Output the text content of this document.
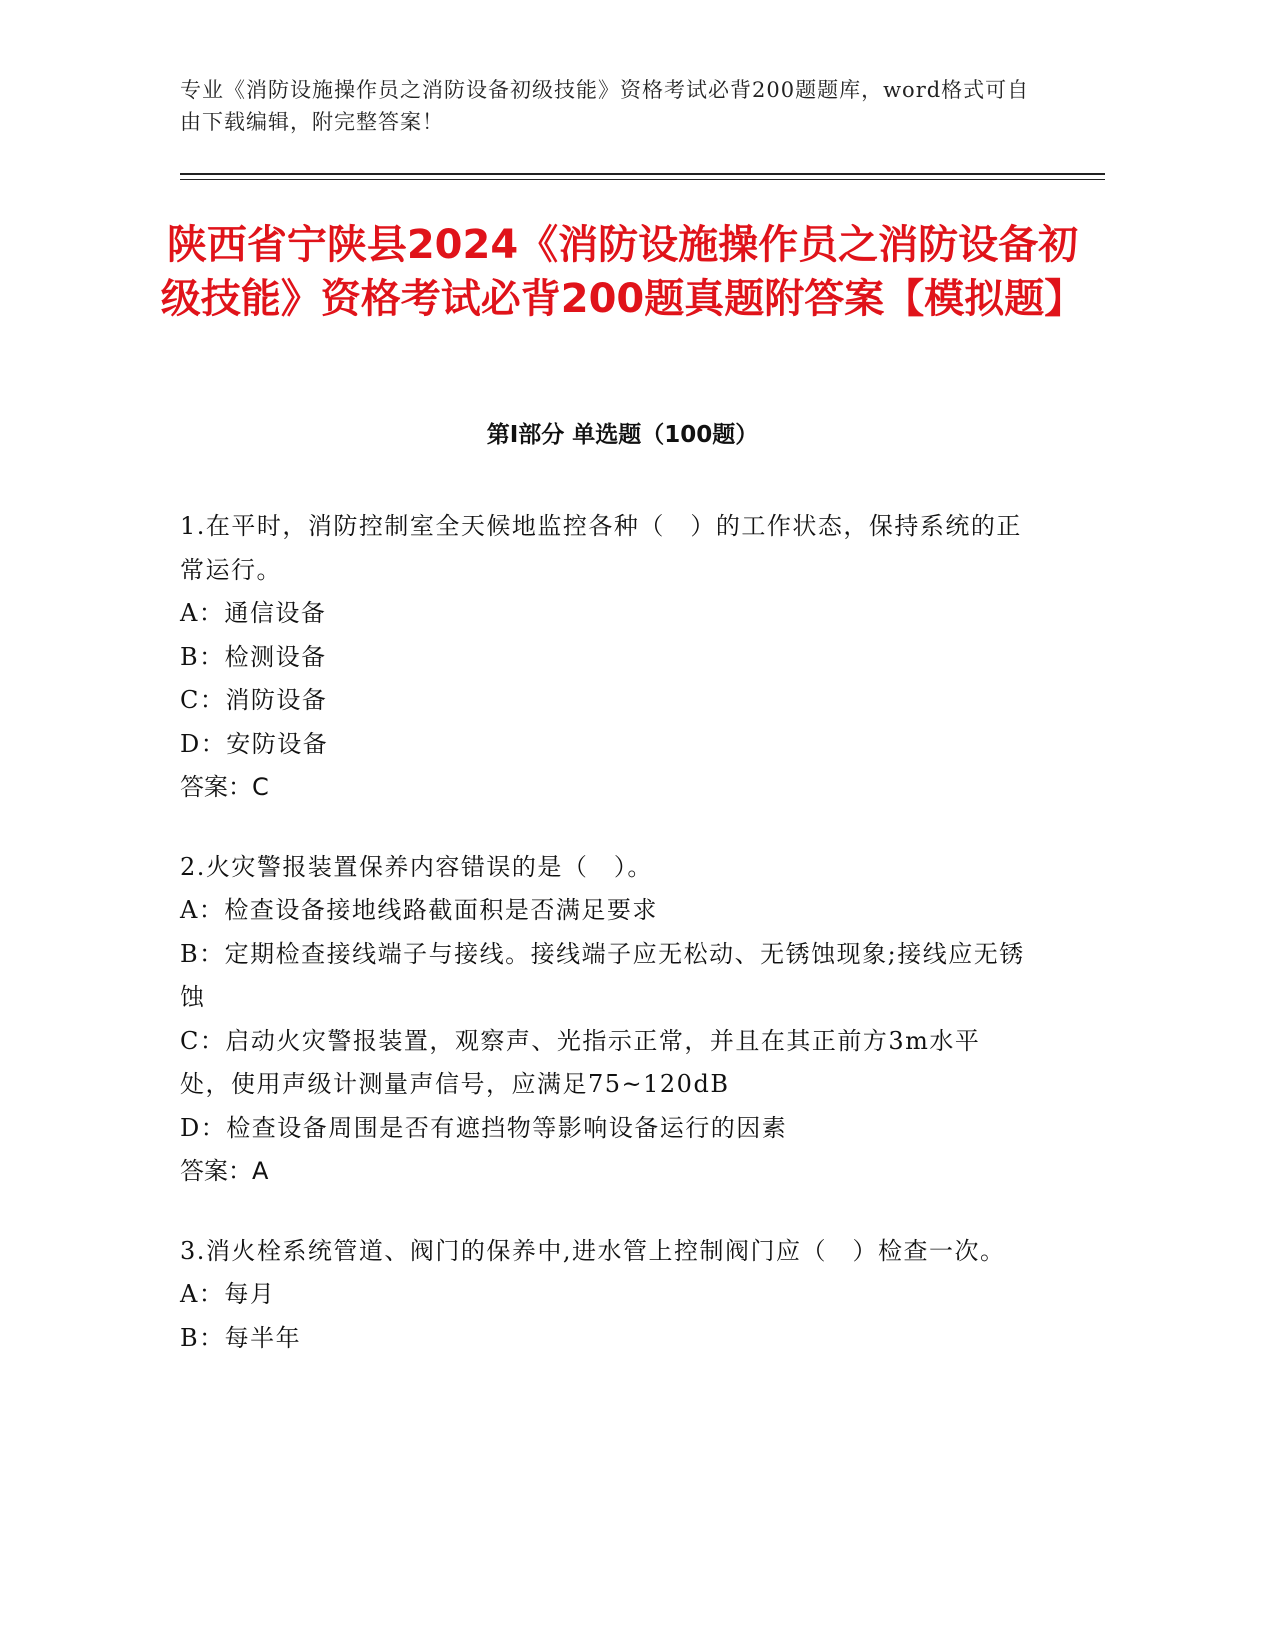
专业《消防设施操作员之消防设备初级技能》资格考试必背200题题库，word格式可自由下载编辑，附完整答案！
陕西省宁陕县2024《消防设施操作员之消防设备初级技能》资格考试必背200题真题附答案【模拟题】
第Ⅰ部分 单选题（100题）
1.在平时，消防控制室全天候地监控各种（　）的工作状态，保持系统的正常运行。
A：通信设备
B：检测设备
C：消防设备
D：安防设备
答案：C
2.火灾警报装置保养内容错误的是（　）。
A：检查设备接地线路截面积是否满足要求
B：定期检查接线端子与接线。接线端子应无松动、无锈蚀现象;接线应无锈蚀
C：启动火灾警报装置，观察声、光指示正常，并且在其正前方3m水平处，使用声级计测量声信号，应满足75~120dB
D：检查设备周围是否有遮挡物等影响设备运行的因素
答案：A
3.消火栓系统管道、阀门的保养中,进水管上控制阀门应（　）检查一次。
A：每月
B：每半年
